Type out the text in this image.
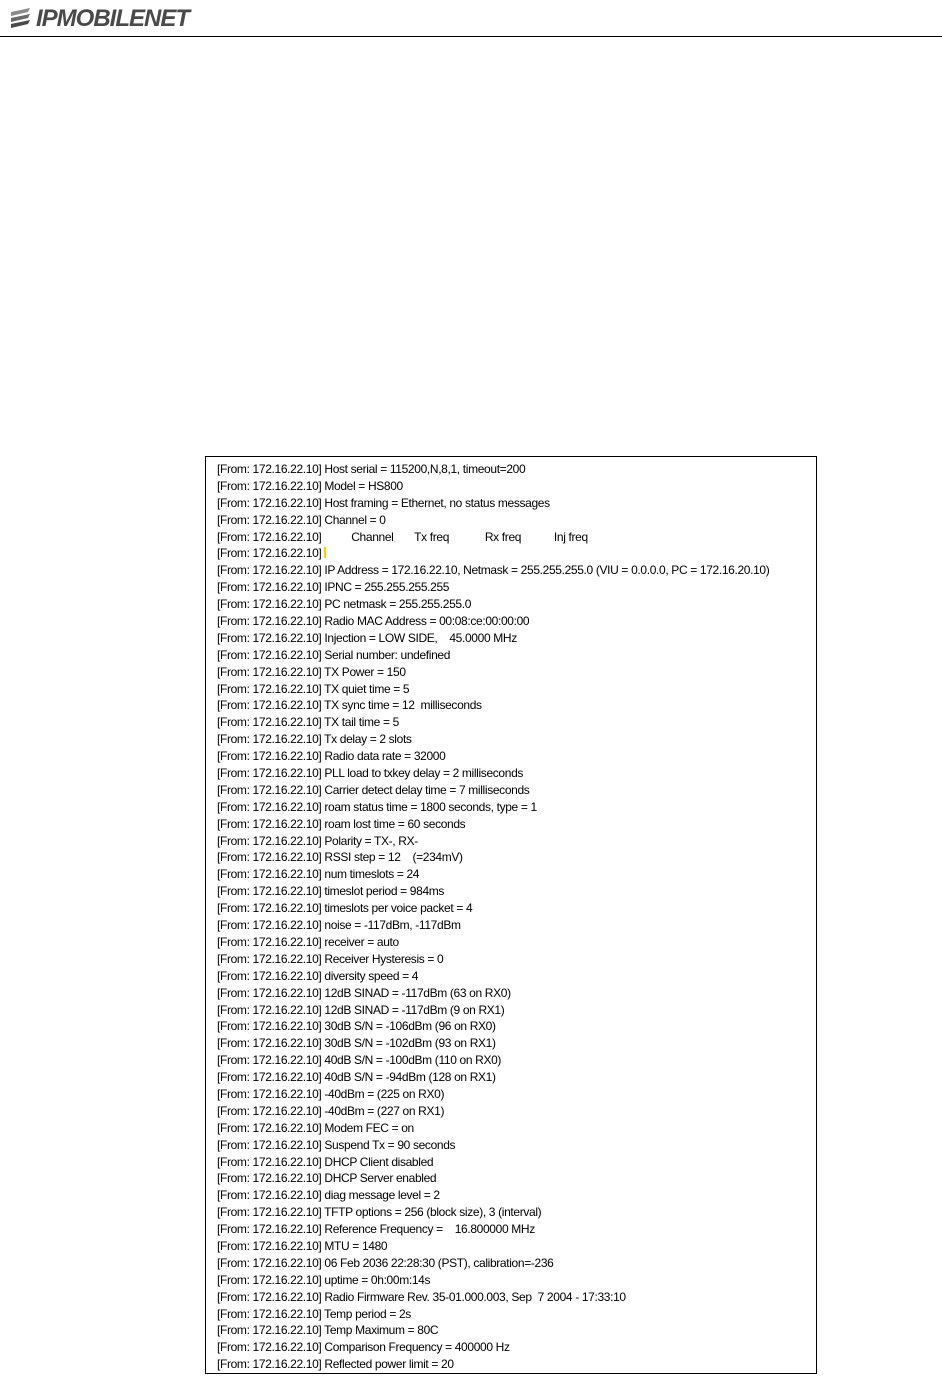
IPMOBILENET
[From: 172.16.22.10] Host serial = 115200,N,8,1, timeout=200
[From: 172.16.22.10] Model = HS800
[From: 172.16.22.10] Host framing = Ethernet, no status messages
[From: 172.16.22.10] Channel = 0
[From: 172.16.22.10]          Channel       Tx freq            Rx freq           Inj freq
[From: 172.16.22.10]
[From: 172.16.22.10] IP Address = 172.16.22.10, Netmask = 255.255.255.0 (VIU = 0.0.0.0, PC = 172.16.20.10)
[From: 172.16.22.10] IPNC = 255.255.255.255
[From: 172.16.22.10] PC netmask = 255.255.255.0
[From: 172.16.22.10] Radio MAC Address = 00:08:ce:00:00:00
[From: 172.16.22.10] Injection = LOW SIDE,    45.0000 MHz
[From: 172.16.22.10] Serial number: undefined
[From: 172.16.22.10] TX Power = 150
[From: 172.16.22.10] TX quiet time = 5
[From: 172.16.22.10] TX sync time = 12  milliseconds
[From: 172.16.22.10] TX tail time = 5
[From: 172.16.22.10] Tx delay = 2 slots
[From: 172.16.22.10] Radio data rate = 32000
[From: 172.16.22.10] PLL load to txkey delay = 2 milliseconds
[From: 172.16.22.10] Carrier detect delay time = 7 milliseconds
[From: 172.16.22.10] roam status time = 1800 seconds, type = 1
[From: 172.16.22.10] roam lost time = 60 seconds
[From: 172.16.22.10] Polarity = TX-, RX-
[From: 172.16.22.10] RSSI step = 12    (=234mV)
[From: 172.16.22.10] num timeslots = 24
[From: 172.16.22.10] timeslot period = 984ms
[From: 172.16.22.10] timeslots per voice packet = 4
[From: 172.16.22.10] noise = -117dBm, -117dBm
[From: 172.16.22.10] receiver = auto
[From: 172.16.22.10] Receiver Hysteresis = 0
[From: 172.16.22.10] diversity speed = 4
[From: 172.16.22.10] 12dB SINAD = -117dBm (63 on RX0)
[From: 172.16.22.10] 12dB SINAD = -117dBm (9 on RX1)
[From: 172.16.22.10] 30dB S/N = -106dBm (96 on RX0)
[From: 172.16.22.10] 30dB S/N = -102dBm (93 on RX1)
[From: 172.16.22.10] 40dB S/N = -100dBm (110 on RX0)
[From: 172.16.22.10] 40dB S/N = -94dBm (128 on RX1)
[From: 172.16.22.10] -40dBm = (225 on RX0)
[From: 172.16.22.10] -40dBm = (227 on RX1)
[From: 172.16.22.10] Modem FEC = on
[From: 172.16.22.10] Suspend Tx = 90 seconds
[From: 172.16.22.10] DHCP Client disabled
[From: 172.16.22.10] DHCP Server enabled
[From: 172.16.22.10] diag message level = 2
[From: 172.16.22.10] TFTP options = 256 (block size), 3 (interval)
[From: 172.16.22.10] Reference Frequency =    16.800000 MHz
[From: 172.16.22.10] MTU = 1480
[From: 172.16.22.10] 06 Feb 2036 22:28:30 (PST), calibration=-236
[From: 172.16.22.10] uptime = 0h:00m:14s
[From: 172.16.22.10] Radio Firmware Rev. 35-01.000.003, Sep  7 2004 - 17:33:10
[From: 172.16.22.10] Temp period = 2s
[From: 172.16.22.10] Temp Maximum = 80C
[From: 172.16.22.10] Comparison Frequency = 400000 Hz
[From: 172.16.22.10] Reflected power limit = 20
